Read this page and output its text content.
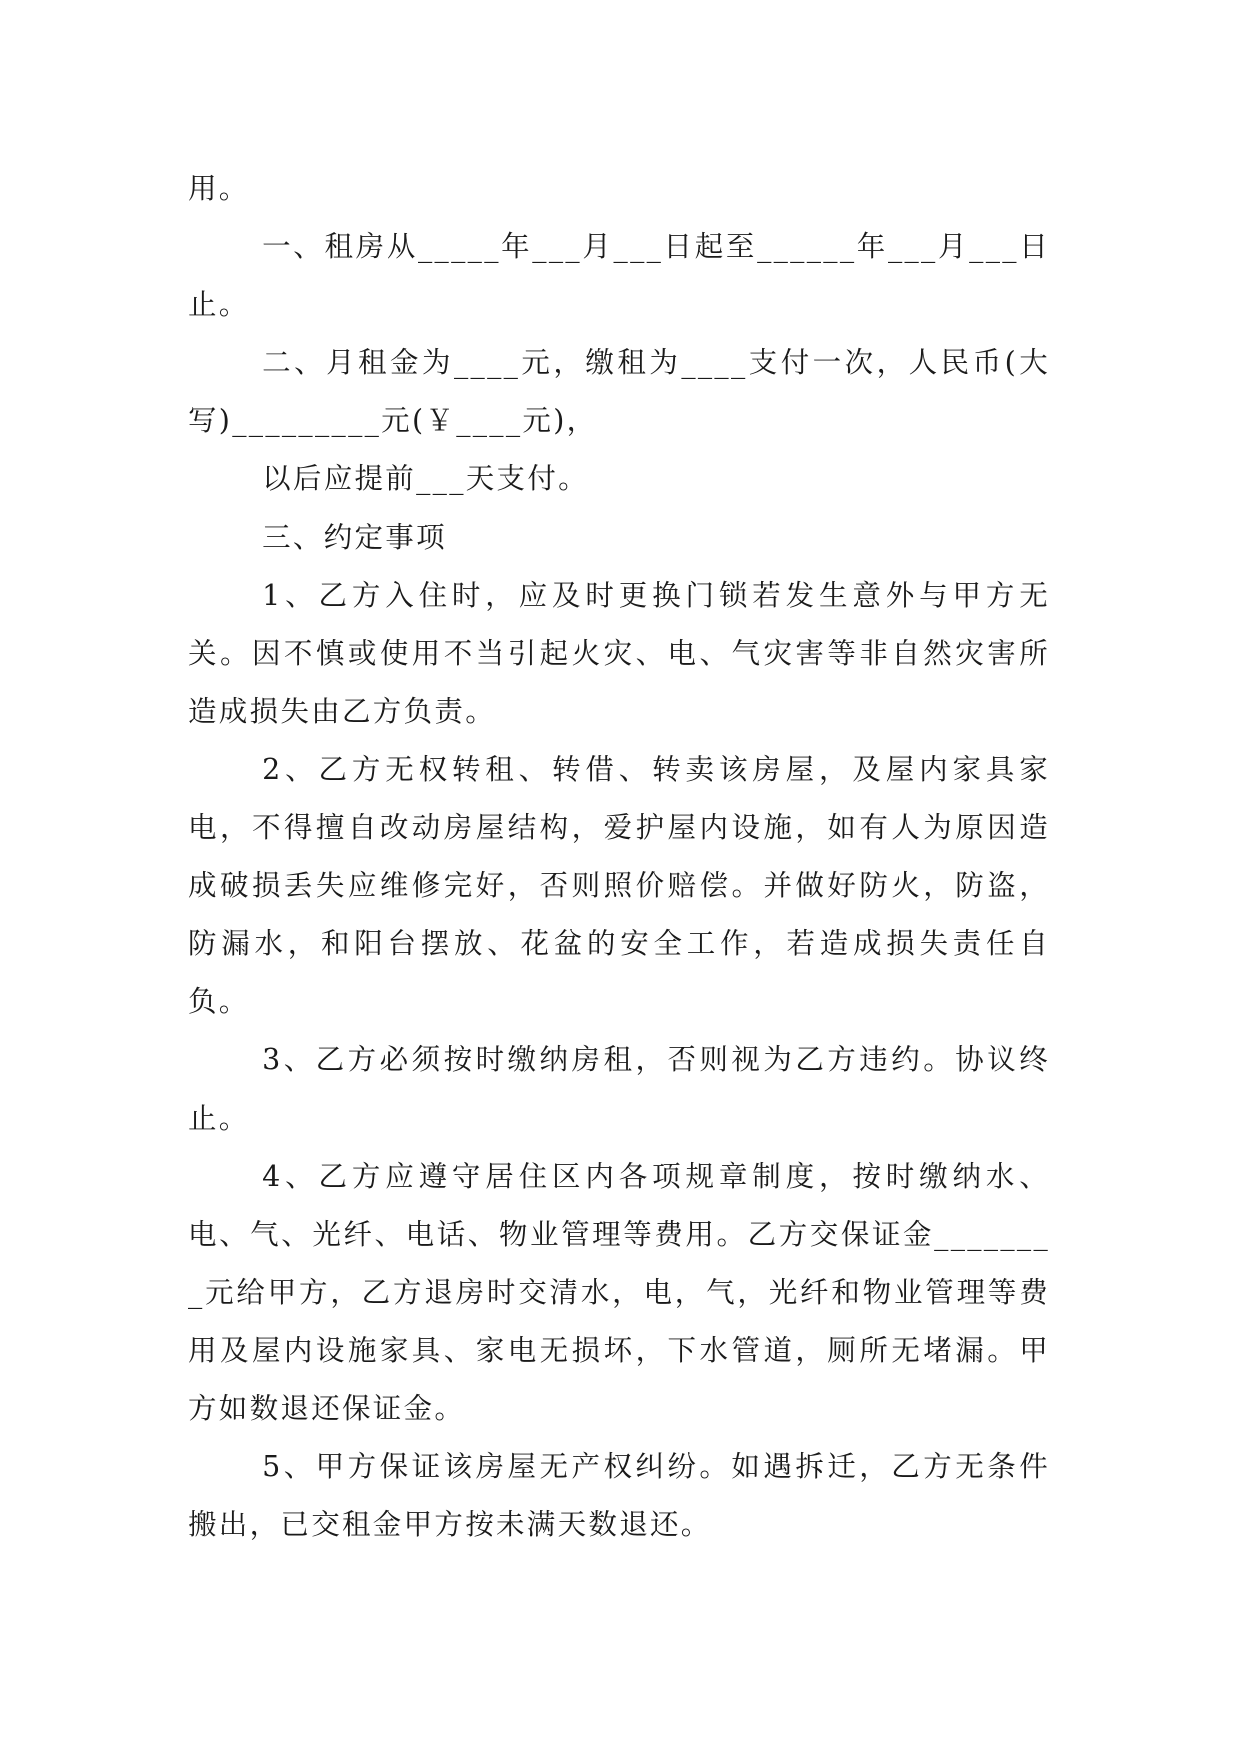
用。

一、租房从_____年___月___日起至______年___月___日止。

二、月租金为____元，缴租为____支付一次，人民币(大写)_________元(￥____元)，

以后应提前___天支付。

三、约定事项

1、乙方入住时，应及时更换门锁若发生意外与甲方无关。因不慎或使用不当引起火灾、电、气灾害等非自然灾害所造成损失由乙方负责。

2、乙方无权转租、转借、转卖该房屋，及屋内家具家电，不得擅自改动房屋结构，爱护屋内设施，如有人为原因造成破损丢失应维修完好，否则照价赔偿。并做好防火，防盗，防漏水，和阳台摆放、花盆的安全工作，若造成损失责任自负。

3、乙方必须按时缴纳房租，否则视为乙方违约。协议终止。

4、乙方应遵守居住区内各项规章制度，按时缴纳水、电、气、光纤、电话、物业管理等费用。乙方交保证金________元给甲方，乙方退房时交清水，电，气，光纤和物业管理等费用及屋内设施家具、家电无损坏，下水管道，厕所无堵漏。甲方如数退还保证金。

5、甲方保证该房屋无产权纠纷。如遇拆迁，乙方无条件搬出，已交租金甲方按未满天数退还。
